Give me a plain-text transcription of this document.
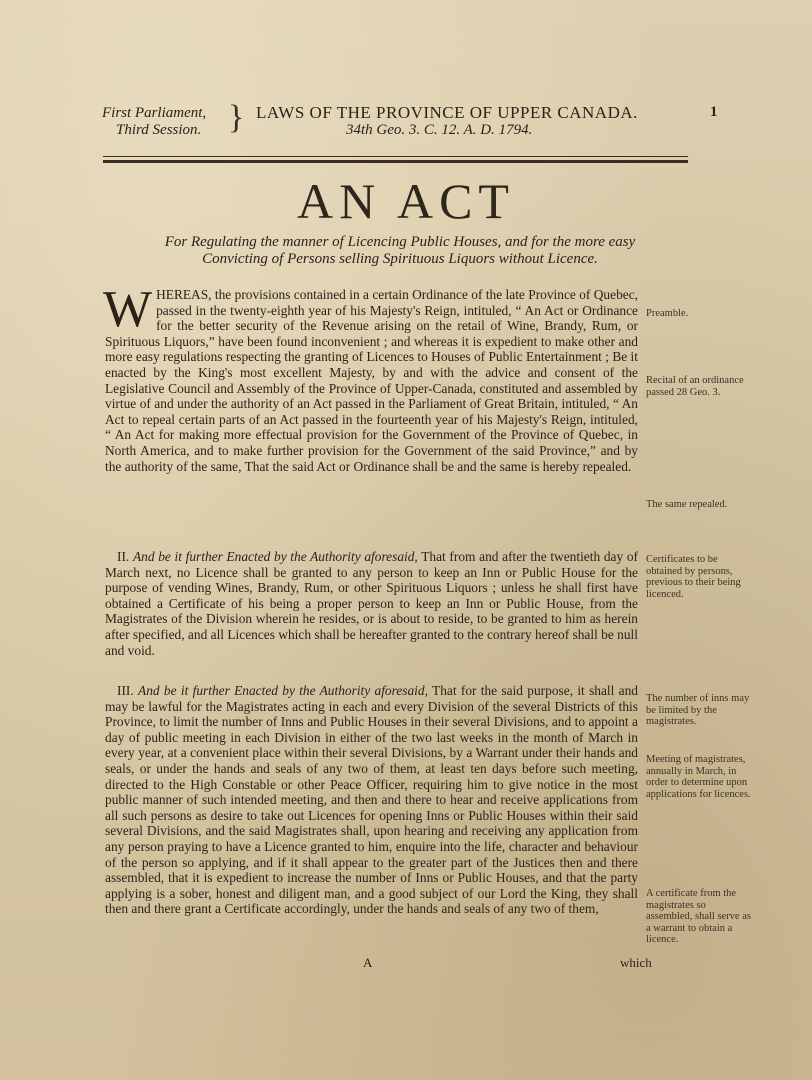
First Parliament,
Third Session. } LAWS OF THE PROVINCE OF UPPER CANADA.
34th Geo. 3. C. 12. A. D. 1794.
1
AN ACT
For Regulating the manner of Licencing Public Houses, and for the more easy
Convicting of Persons selling Spirituous Liquors without Licence.
W HEREAS, the provisions contained in a certain Ordinance of the late Province of Quebec, passed in the twenty-eighth year of his Majesty's Reign, intituled, “ An Act or Ordinance for the better security of the Revenue arising on the retail of Wine, Brandy, Rum, or Spirituous Liquors,” have been found inconvenient ; and whereas it is expedient to make other and more easy regulations respecting the granting of Licences to Houses of Public Entertainment ; Be it enacted by the King's most excellent Majesty, by and with the advice and consent of the Legislative Council and Assembly of the Province of Upper-Canada, constituted and assembled by virtue of and under the authority of an Act passed in the Parliament of Great Britain, intituled, “ An Act to repeal certain parts of an Act passed in the fourteenth year of his Majesty's Reign, intituled, “ An Act for making more effectual provision for the Government of the Province of Quebec, in North America, and to make further provision for the Government of the said Province,” and by the authority of the same, That the said Act or Ordinance shall be and the same is hereby repealed.
II. And be it further Enacted by the Authority aforesaid, That from and after the twentieth day of March next, no Licence shall be granted to any person to keep an Inn or Public House for the purpose of vending Wines, Brandy, Rum, or other Spirituous Liquors ; unless he shall first have obtained a Certificate of his being a proper person to keep an Inn or Public House, from the Magistrates of the Division wherein he resides, or is about to reside, to be granted to him as herein after specified, and all Licences which shall be hereafter granted to the contrary hereof shall be null and void.
III. And be it further Enacted by the Authority aforesaid, That for the said purpose, it shall and may be lawful for the Magistrates acting in each and every Division of the several Districts of this Province, to limit the number of Inns and Public Houses in their several Divisions, and to appoint a day of public meeting in each Division in either of the two last weeks in the month of March in every year, at a convenient place within their several Divisions, by a Warrant under their hands and seals, or under the hands and seals of any two of them, at least ten days before such meeting, directed to the High Constable or other Peace Officer, requiring him to give notice in the most public manner of such intended meeting, and then and there to hear and receive applications from all such persons as desire to take out Licences for opening Inns or Public Houses within their said several Divisions, and the said Magistrates shall, upon hearing and receiving any application from any person praying to have a Licence granted to him, enquire into the life, character and behaviour of the person so applying, and if it shall appear to the greater part of the Justices then and there assembled, that it is expedient to increase the number of Inns or Public Houses, and that the party applying is a sober, honest and diligent man, and a good subject of our Lord the King, they shall then and there grant a Certificate accordingly, under the hands and seals of any two of them,
Preamble.
Recital of an ordinance passed 28 Geo. 3.
The same repealed.
Certificates to be obtained by persons, previous to their being licenced.
The number of inns may be limited by the magistrates.
Meeting of magistrates, annually in March, in order to determine upon applications for licences.
A certificate from the magistrates so assembled, shall serve as a warrant to obtain a licence.
A	which
